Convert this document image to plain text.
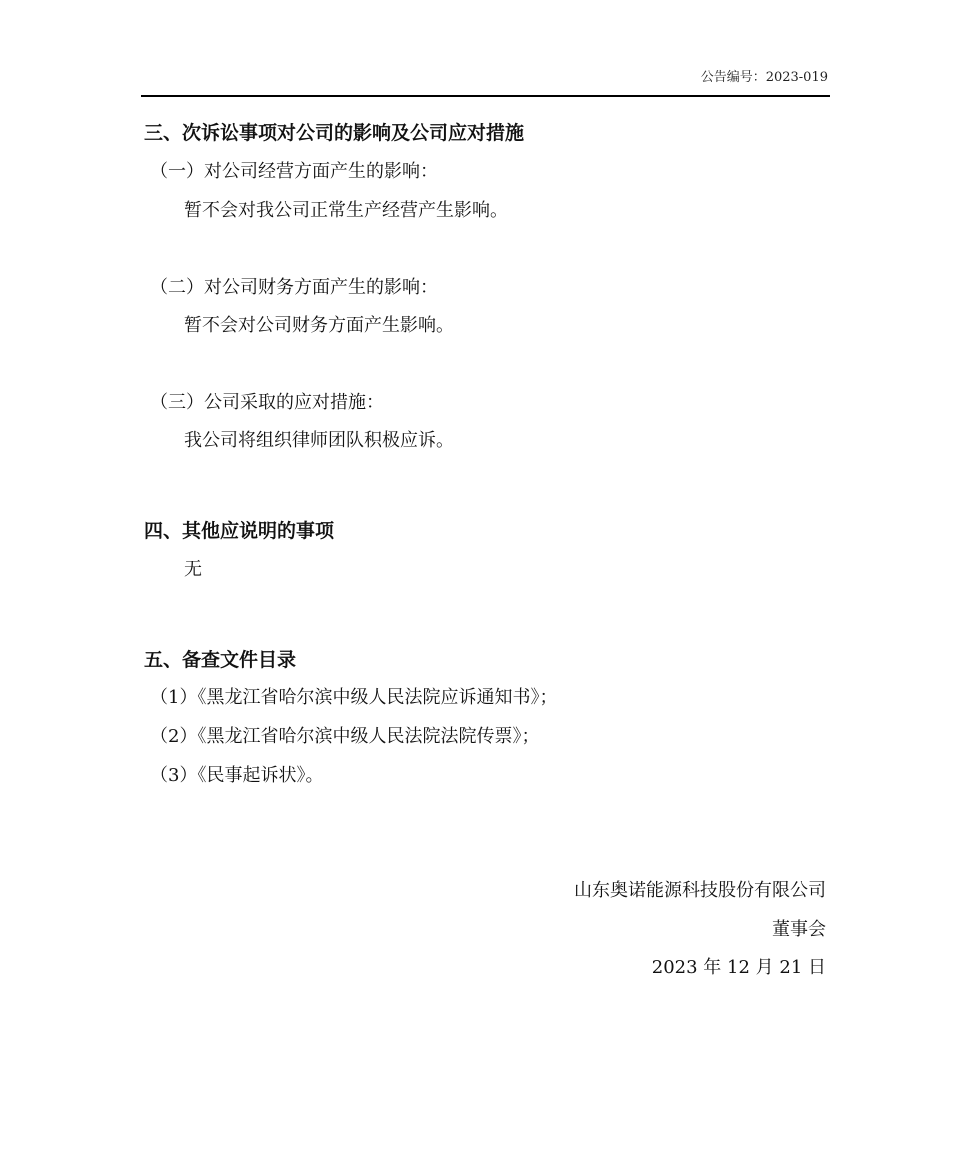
公告编号：2023-019
三、次诉讼事项对公司的影响及公司应对措施
（一）对公司经营方面产生的影响：
暂不会对我公司正常生产经营产生影响。
（二）对公司财务方面产生的影响：
暂不会对公司财务方面产生影响。
（三）公司采取的应对措施：
我公司将组织律师团队积极应诉。
四、其他应说明的事项
无
五、备查文件目录
（1）《黑龙江省哈尔滨中级人民法院应诉通知书》；
（2）《黑龙江省哈尔滨中级人民法院法院传票》；
（3）《民事起诉状》。
山东奥诺能源科技股份有限公司
董事会
2023 年 12 月 21 日
